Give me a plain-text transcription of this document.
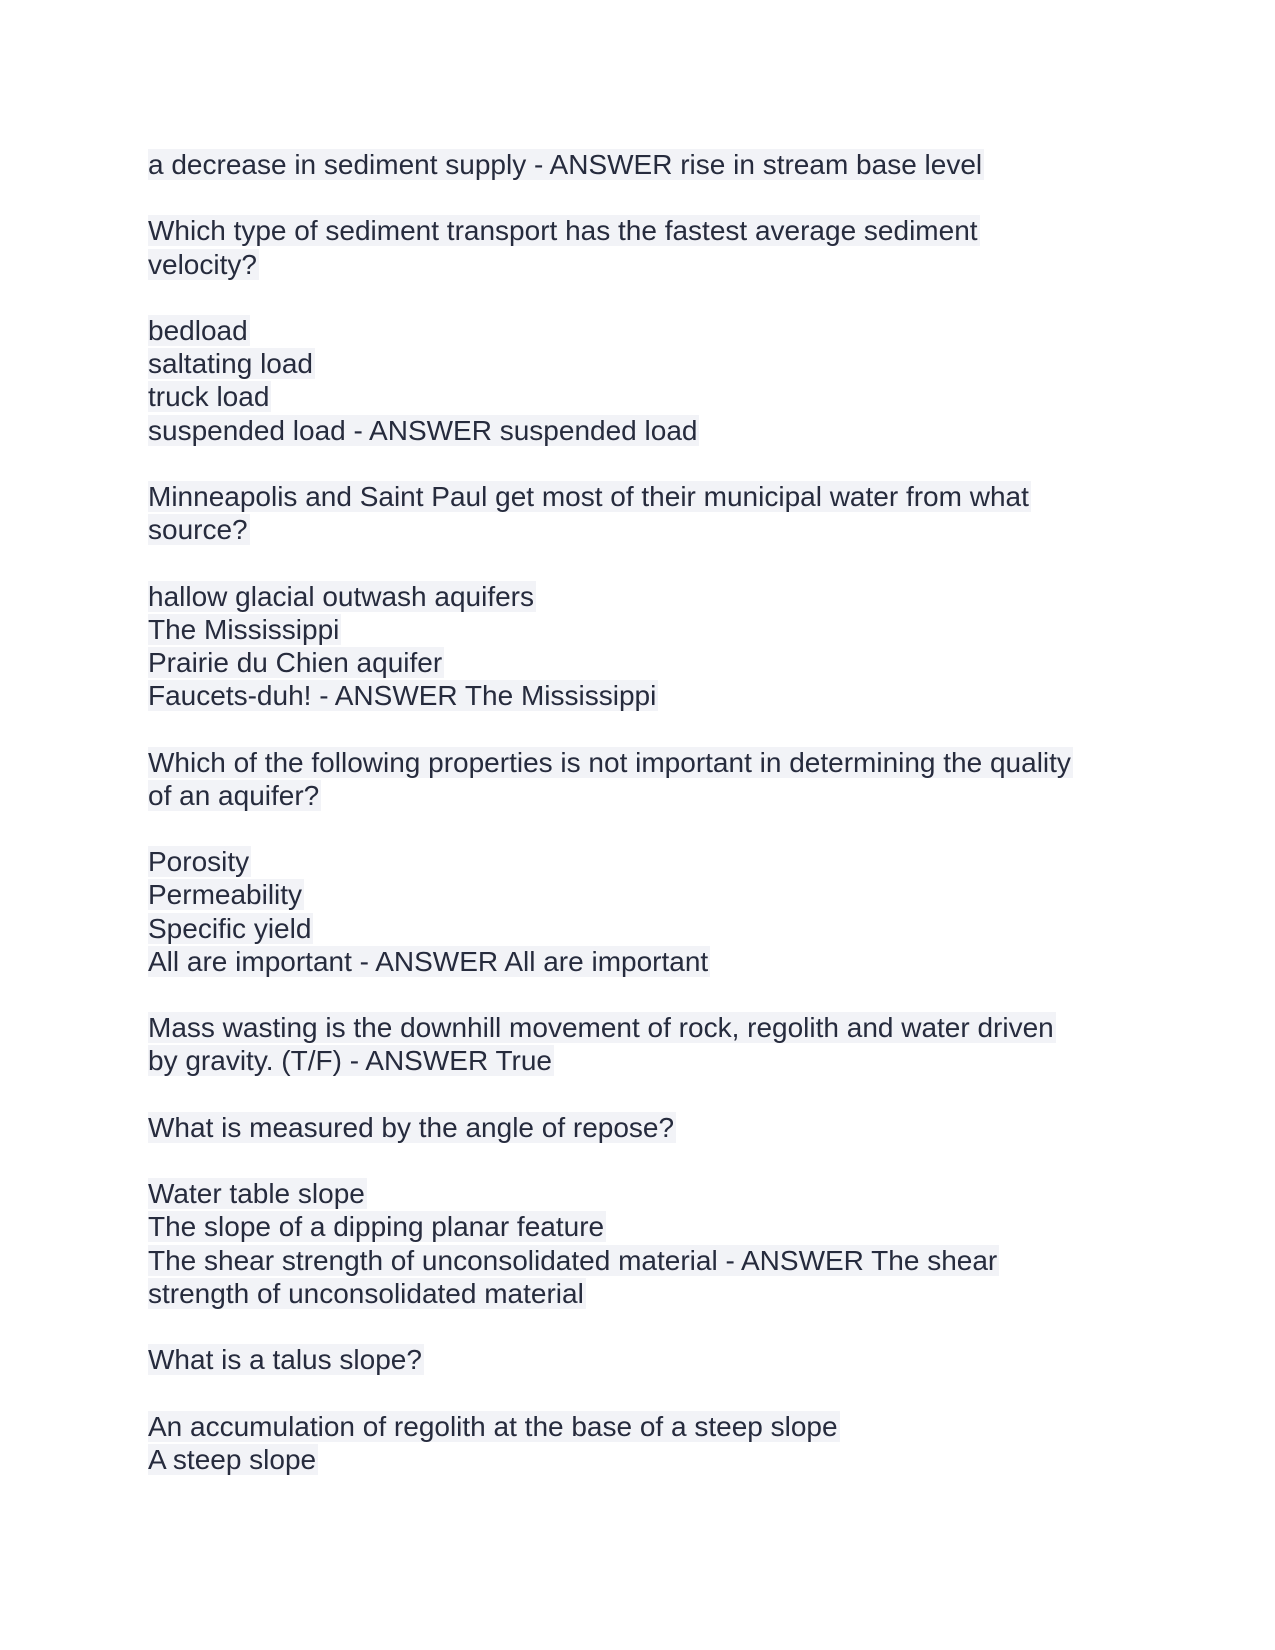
a decrease in sediment supply - ANSWER rise in stream base level
Which type of sediment transport has the fastest average sediment
velocity?
bedload
saltating load
truck load
suspended load - ANSWER suspended load
Minneapolis and Saint Paul get most of their municipal water from what
source?
hallow glacial outwash aquifers
The Mississippi
Prairie du Chien aquifer
Faucets-duh! - ANSWER The Mississippi
Which of the following properties is not important in determining the quality
of an aquifer?
Porosity
Permeability
Specific yield
All are important - ANSWER All are important
Mass wasting is the downhill movement of rock, regolith and water driven
by gravity. (T/F) - ANSWER True
What is measured by the angle of repose?
Water table slope
The slope of a dipping planar feature
The shear strength of unconsolidated material - ANSWER The shear
strength of unconsolidated material
What is a talus slope?
An accumulation of regolith at the base of a steep slope
A steep slope
